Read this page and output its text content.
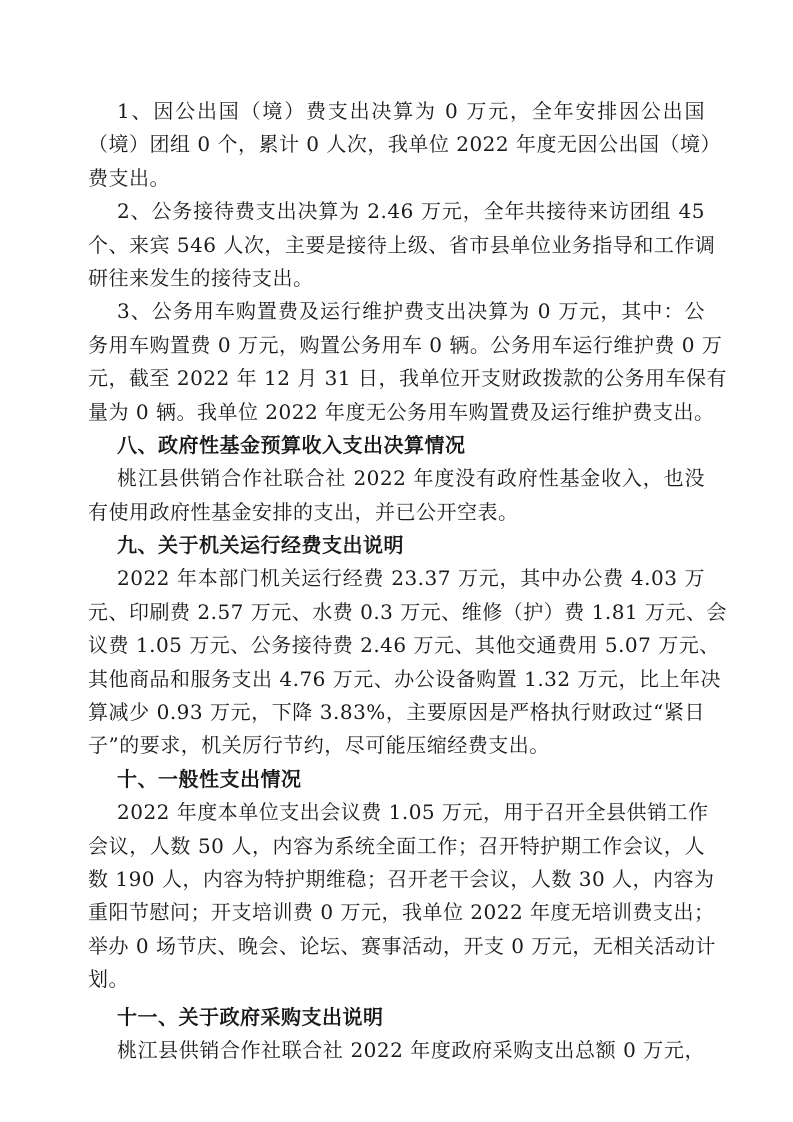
1、因公出国（境）费支出决算为 0 万元，全年安排因公出国
（境）团组 0 个，累计 0 人次，我单位 2022 年度无因公出国（境）
费支出。
2、公务接待费支出决算为 2.46 万元，全年共接待来访团组 45
个、来宾 546 人次，主要是接待上级、省市县单位业务指导和工作调
研往来发生的接待支出。
3、公务用车购置费及运行维护费支出决算为 0 万元，其中：公
务用车购置费 0 万元，购置公务用车 0 辆。公务用车运行维护费 0 万
元，截至 2022 年 12 月 31 日，我单位开支财政拨款的公务用车保有
量为 0 辆。我单位 2022 年度无公务用车购置费及运行维护费支出。
八、政府性基金预算收入支出决算情况
桃江县供销合作社联合社 2022 年度没有政府性基金收入，也没
有使用政府性基金安排的支出，并已公开空表。
九、关于机关运行经费支出说明
2022 年本部门机关运行经费 23.37 万元，其中办公费 4.03 万
元、印刷费 2.57 万元、水费 0.3 万元、维修（护）费 1.81 万元、会
议费 1.05 万元、公务接待费 2.46 万元、其他交通费用 5.07 万元、
其他商品和服务支出 4.76 万元、办公设备购置 1.32 万元，比上年决
算减少 0.93 万元，下降 3.83%，主要原因是严格执行财政过“紧日
子”的要求，机关厉行节约，尽可能压缩经费支出。
十、一般性支出情况
2022 年度本单位支出会议费 1.05 万元，用于召开全县供销工作
会议，人数 50 人，内容为系统全面工作；召开特护期工作会议，人
数 190 人，内容为特护期维稳；召开老干会议，人数 30 人，内容为
重阳节慰问；开支培训费 0 万元，我单位 2022 年度无培训费支出；
举办 0 场节庆、晚会、论坛、赛事活动，开支 0 万元，无相关活动计
划。
十一、关于政府采购支出说明
桃江县供销合作社联合社 2022 年度政府采购支出总额 0 万元，
